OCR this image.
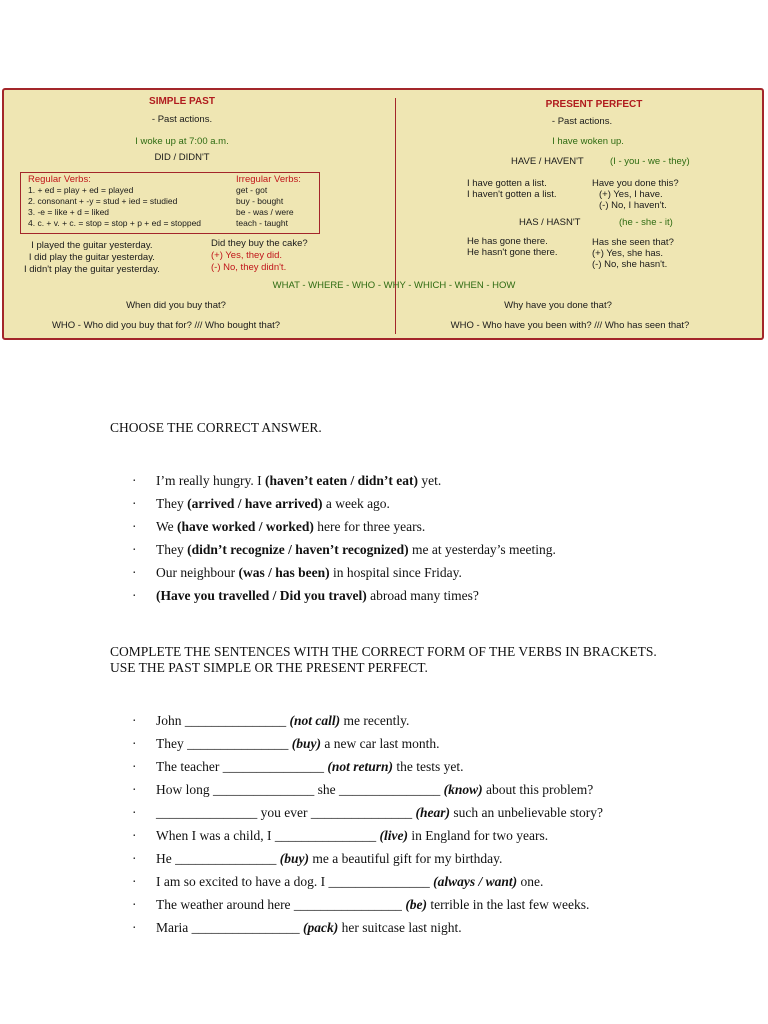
SIMPLE PAST
- Past actions.
I woke up at 7:00 a.m.
DID / DIDN'T
Regular Verbs:
1. + ed = play + ed = played
2. consonant + -y = stud + ied = studied
3. -e = like + d = liked
4. c. + v. + c. = stop = stop + p + ed = stopped
Irregular Verbs:
get - got
buy - bought
be - was / were
teach - taught
I played the guitar yesterday.
I did play the guitar yesterday.
I didn't play the guitar yesterday.
Did they buy the cake?
(+) Yes, they did.
(-) No, they didn't.
WHAT - WHERE - WHO - WHY - WHICH - WHEN - HOW
When did you buy that?
WHO - Who did you buy that for? /// Who bought that?
PRESENT PERFECT
- Past actions.
I have woken up.
HAVE / HAVEN'T	(I - you - we - they)
I have gotten a list.
I haven't gotten a list.
Have you done this?
(+) Yes, I have.
(-) No, I haven't.
HAS / HASN'T	(he - she - it)
He has gone there.
He hasn't gone there.
Has she seen that?
(+) Yes, she has.
(-) No, she hasn't.
Why have you done that?
WHO - Who have you been with? /// Who has seen that?
CHOOSE THE CORRECT ANSWER.
· I’m really hungry. I (haven’t eaten / didn’t eat) yet.
· They (arrived / have arrived) a week ago.
· We (have worked / worked) here for three years.
· They (didn’t recognize / haven’t recognized) me at yesterday’s meeting.
· Our neighbour (was / has been) in hospital since Friday.
· (Have you travelled / Did you travel) abroad many times?
COMPLETE THE SENTENCES WITH THE CORRECT FORM OF THE VERBS IN BRACKETS. USE THE PAST SIMPLE OR THE PRESENT PERFECT.
· John _______________ (not call) me recently.
· They _______________ (buy) a new car last month.
· The teacher _______________ (not return) the tests yet.
· How long _______________ she _______________ (know) about this problem?
· _______________ you ever _______________ (hear) such an unbelievable story?
· When I was a child, I _______________ (live) in England for two years.
· He _______________ (buy) me a beautiful gift for my birthday.
· I am so excited to have a dog. I _______________ (always / want) one.
· The weather around here ________________ (be) terrible in the last few weeks.
· Maria ________________ (pack) her suitcase last night.
